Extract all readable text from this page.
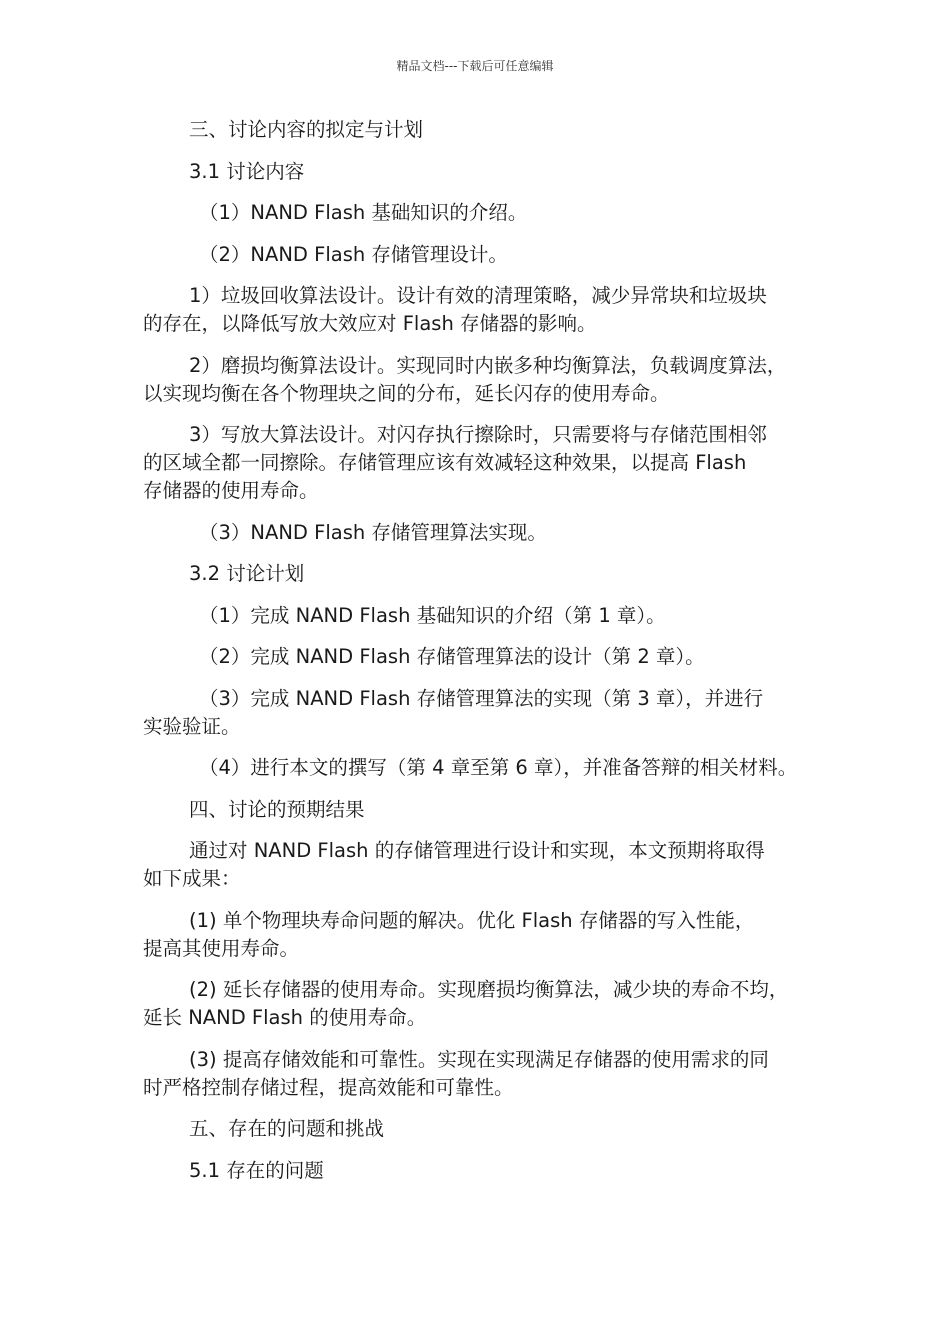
精品文档---下载后可任意编辑
三、讨论内容的拟定与计划
3.1 讨论内容
（1）NAND Flash 基础知识的介绍。
（2）NAND Flash 存储管理设计。
1）垃圾回收算法设计。设计有效的清理策略，减少异常块和垃圾块
的存在，以降低写放大效应对 Flash 存储器的影响。
2）磨损均衡算法设计。实现同时内嵌多种均衡算法，负载调度算法，
以实现均衡在各个物理块之间的分布，延长闪存的使用寿命。
3）写放大算法设计。对闪存执行擦除时，只需要将与存储范围相邻
的区域全都一同擦除。存储管理应该有效减轻这种效果，以提高 Flash
存储器的使用寿命。
（3）NAND Flash 存储管理算法实现。
3.2 讨论计划
（1）完成 NAND Flash 基础知识的介绍（第 1 章）。
（2）完成 NAND Flash 存储管理算法的设计（第 2 章）。
（3）完成 NAND Flash 存储管理算法的实现（第 3 章），并进行
实验验证。
（4）进行本文的撰写（第 4 章至第 6 章），并准备答辩的相关材料。
四、讨论的预期结果
通过对 NAND Flash 的存储管理进行设计和实现，本文预期将取得
如下成果：
(1) 单个物理块寿命问题的解决。优化 Flash 存储器的写入性能，
提高其使用寿命。
(2) 延长存储器的使用寿命。实现磨损均衡算法，减少块的寿命不均，
延长 NAND Flash 的使用寿命。
(3) 提高存储效能和可靠性。实现在实现满足存储器的使用需求的同
时严格控制存储过程，提高效能和可靠性。
五、存在的问题和挑战
5.1 存在的问题
